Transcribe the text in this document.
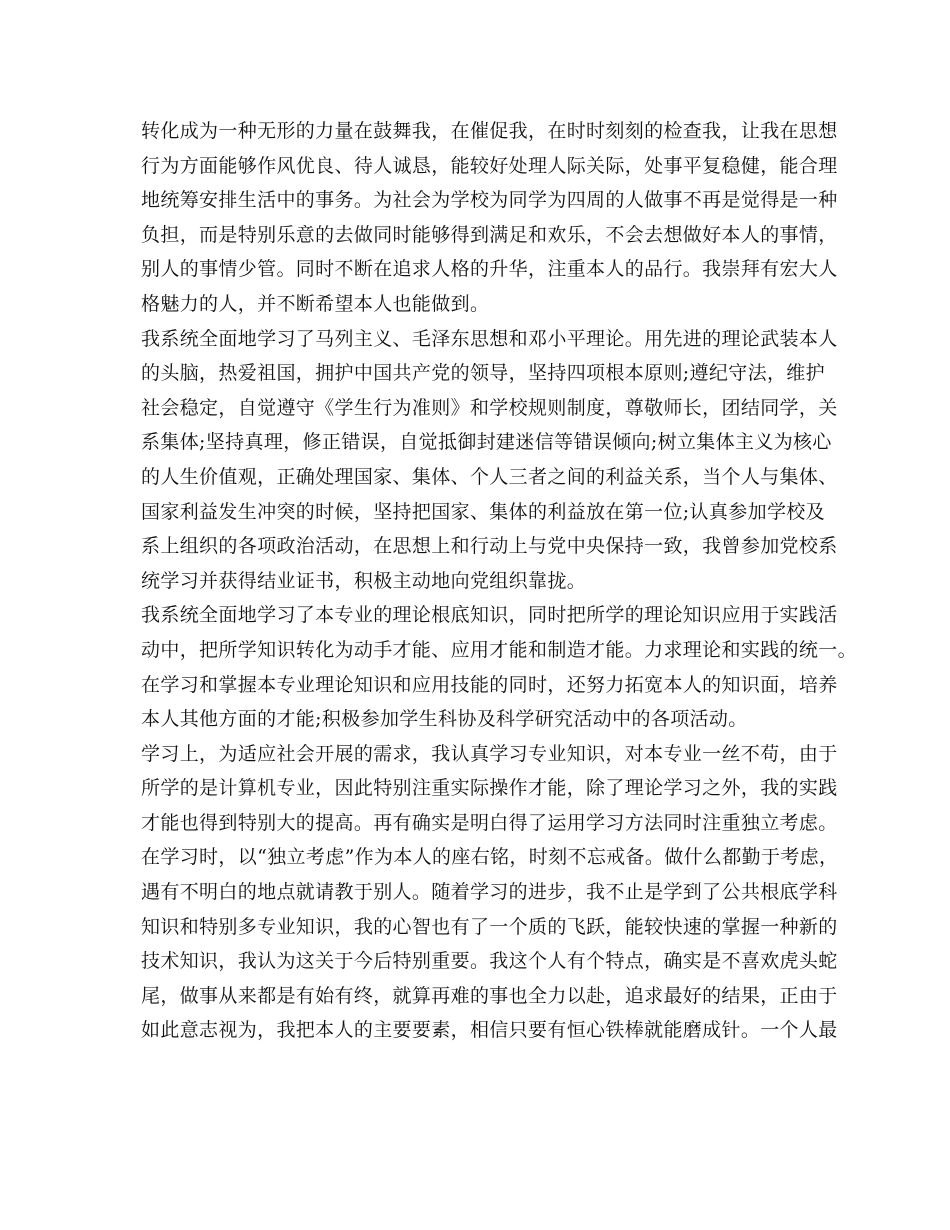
转化成为一种无形的力量在鼓舞我，在催促我，在时时刻刻的检查我，让我在思想
行为方面能够作风优良、待人诚恳，能较好处理人际关际，处事平复稳健，能合理
地统筹安排生活中的事务。为社会为学校为同学为四周的人做事不再是觉得是一种
负担，而是特别乐意的去做同时能够得到满足和欢乐，不会去想做好本人的事情，
别人的事情少管。同时不断在追求人格的升华，注重本人的品行。我崇拜有宏大人
格魅力的人，并不断希望本人也能做到。
我系统全面地学习了马列主义、毛泽东思想和邓小平理论。用先进的理论武装本人
的头脑，热爱祖国，拥护中国共产党的领导，坚持四项根本原则;遵纪守法，维护
社会稳定，自觉遵守《学生行为准则》和学校规则制度，尊敬师长，团结同学，关
系集体;坚持真理，修正错误，自觉抵御封建迷信等错误倾向;树立集体主义为核心
的人生价值观，正确处理国家、集体、个人三者之间的利益关系，当个人与集体、
国家利益发生冲突的时候，坚持把国家、集体的利益放在第一位;认真参加学校及
系上组织的各项政治活动，在思想上和行动上与党中央保持一致，我曾参加党校系
统学习并获得结业证书，积极主动地向党组织靠拢。
我系统全面地学习了本专业的理论根底知识，同时把所学的理论知识应用于实践活
动中，把所学知识转化为动手才能、应用才能和制造才能。力求理论和实践的统一。
在学习和掌握本专业理论知识和应用技能的同时，还努力拓宽本人的知识面，培养
本人其他方面的才能;积极参加学生科协及科学研究活动中的各项活动。
学习上，为适应社会开展的需求，我认真学习专业知识，对本专业一丝不苟，由于
所学的是计算机专业，因此特别注重实际操作才能，除了理论学习之外，我的实践
才能也得到特别大的提高。再有确实是明白得了运用学习方法同时注重独立考虑。
在学习时，以“独立考虑”作为本人的座右铭，时刻不忘戒备。做什么都勤于考虑，
遇有不明白的地点就请教于别人。随着学习的进步，我不止是学到了公共根底学科
知识和特别多专业知识，我的心智也有了一个质的飞跃，能较快速的掌握一种新的
技术知识，我认为这关于今后特别重要。我这个人有个特点，确实是不喜欢虎头蛇
尾，做事从来都是有始有终，就算再难的事也全力以赴，追求最好的结果，正由于
如此意志视为，我把本人的主要要素，相信只要有恒心铁棒就能磨成针。一个人最
